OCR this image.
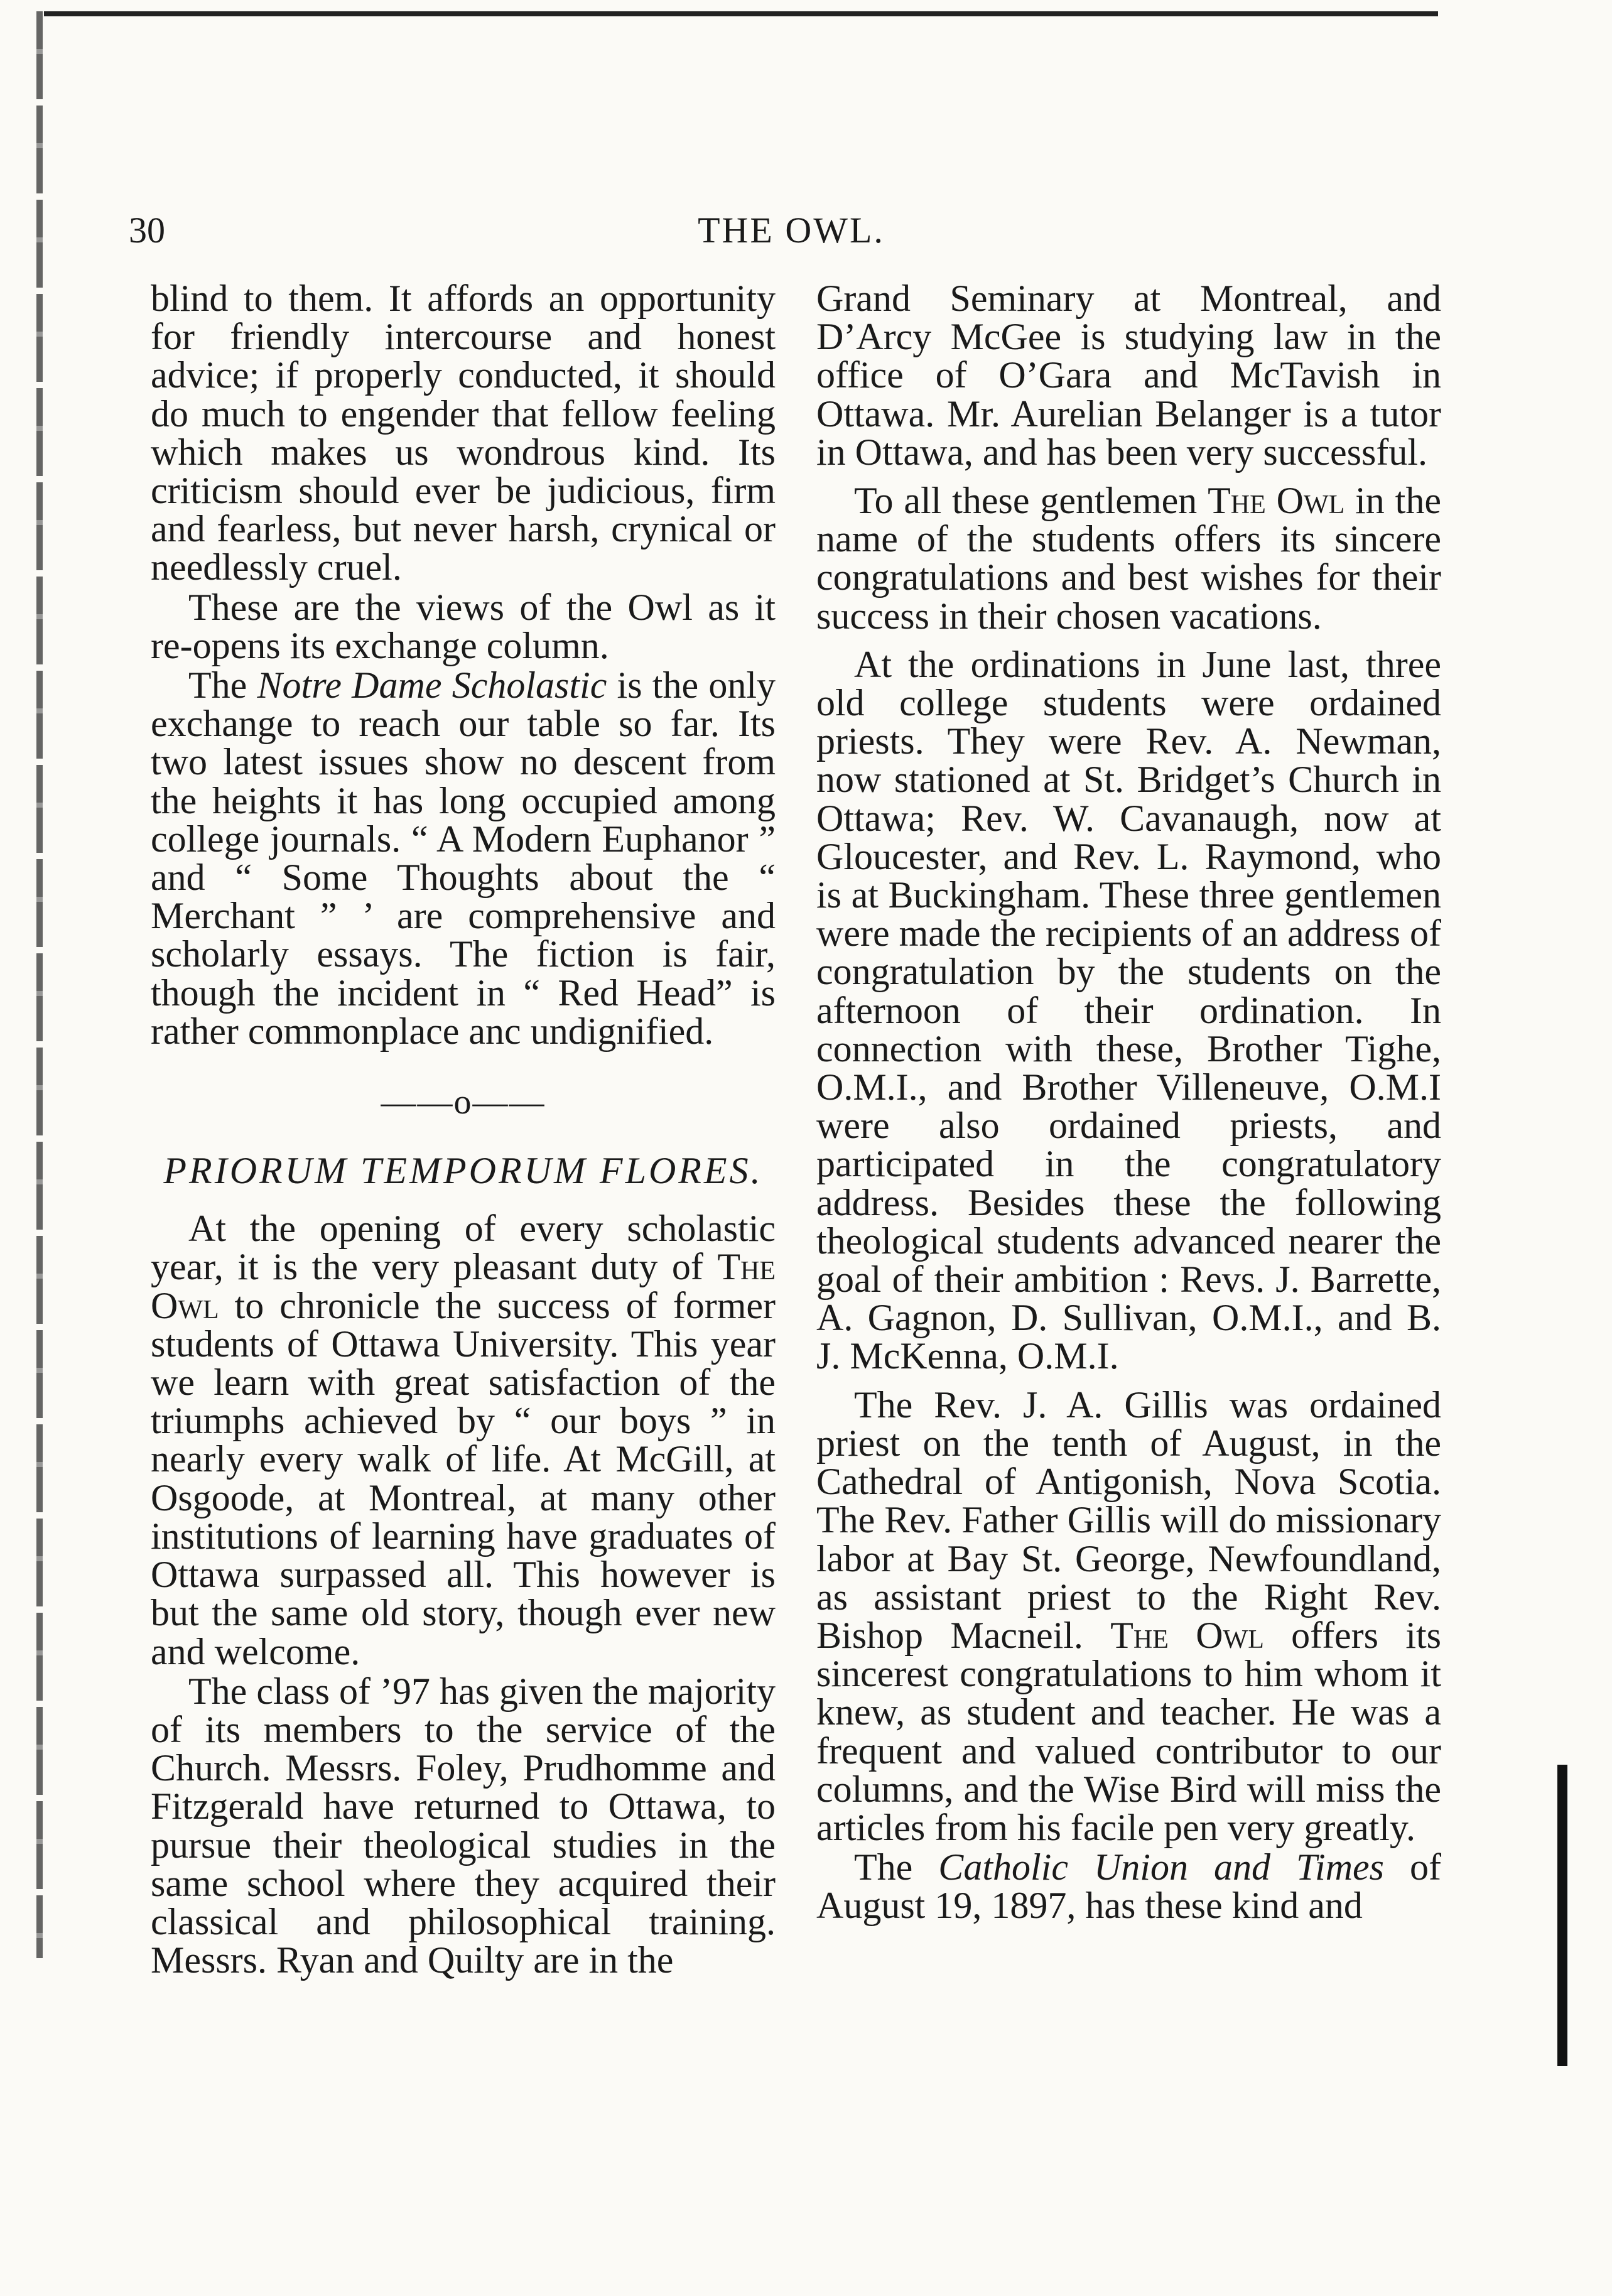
30	THE OWL.

blind to them. It affords an opportunity for friendly intercourse and honest advice; if properly conducted, it should do much to engender that fellow feeling which makes us wondrous kind. Its criticism should ever be judicious, firm and fearless, but never harsh, crynical or needlessly cruel.

These are the views of the Owl as it re-opens its exchange column.

The Notre Dame Scholastic is the only exchange to reach our table so far. Its two latest issues show no descent from the heights it has long occupied among college journals. “ A Modern Euphanor ” and “ Some Thoughts about the “ Merchant ” ’ are comprehensive and scholarly essays. The fiction is fair, though the incident in “ Red Head” is rather commonplace anc undignified.

——o——
PRIORUM TEMPORUM FLORES.

At the opening of every scholastic year, it is the very pleasant duty of The Owl to chronicle the success of former students of Ottawa University. This year we learn with great satisfaction of the triumphs achieved by “ our boys ” in nearly every walk of life. At McGill, at Osgoode, at Montreal, at many other institutions of learning have graduates of Ottawa surpassed all. This however is but the same old story, though ever new and welcome.

The class of ’97 has given the majority of its members to the service of the Church. Messrs. Foley, Prudhomme and Fitzgerald have returned to Ottawa, to pursue their theological studies in the same school where they acquired their classical and philosophical training. Messrs. Ryan and Quilty are in the

Grand Seminary at Montreal, and D’Arcy McGee is studying law in the office of O’Gara and McTavish in Ottawa. Mr. Aurelian Belanger is a tutor in Ottawa, and has been very successful.

To all these gentlemen The Owl in the name of the students offers its sincere congratulations and best wishes for their success in their chosen vacations.

At the ordinations in June last, three old college students were ordained priests. They were Rev. A. Newman, now stationed at St. Bridget’s Church in Ottawa; Rev. W. Cavanaugh, now at Gloucester, and Rev. L. Raymond, who is at Buckingham. These three gentlemen were made the recipients of an address of congratulation by the students on the afternoon of their ordination. In connection with these, Brother Tighe, O.M.I., and Brother Villeneuve, O.M.I were also ordained priests, and participated in the congratulatory address. Besides these the following theological students advanced nearer the goal of their ambition : Revs. J. Barrette, A. Gagnon, D. Sullivan, O.M.I., and B. J. McKenna, O.M.I.

The Rev. J. A. Gillis was ordained priest on the tenth of August, in the Cathedral of Antigonish, Nova Scotia. The Rev. Father Gillis will do missionary labor at Bay St. George, Newfoundland, as assistant priest to the Right Rev. Bishop Macneil. The Owl offers its sincerest congratulations to him whom it knew, as student and teacher. He was a frequent and valued contributor to our columns, and the Wise Bird will miss the articles from his facile pen very greatly.

The Catholic Union and Times of August 19, 1897, has these kind and
